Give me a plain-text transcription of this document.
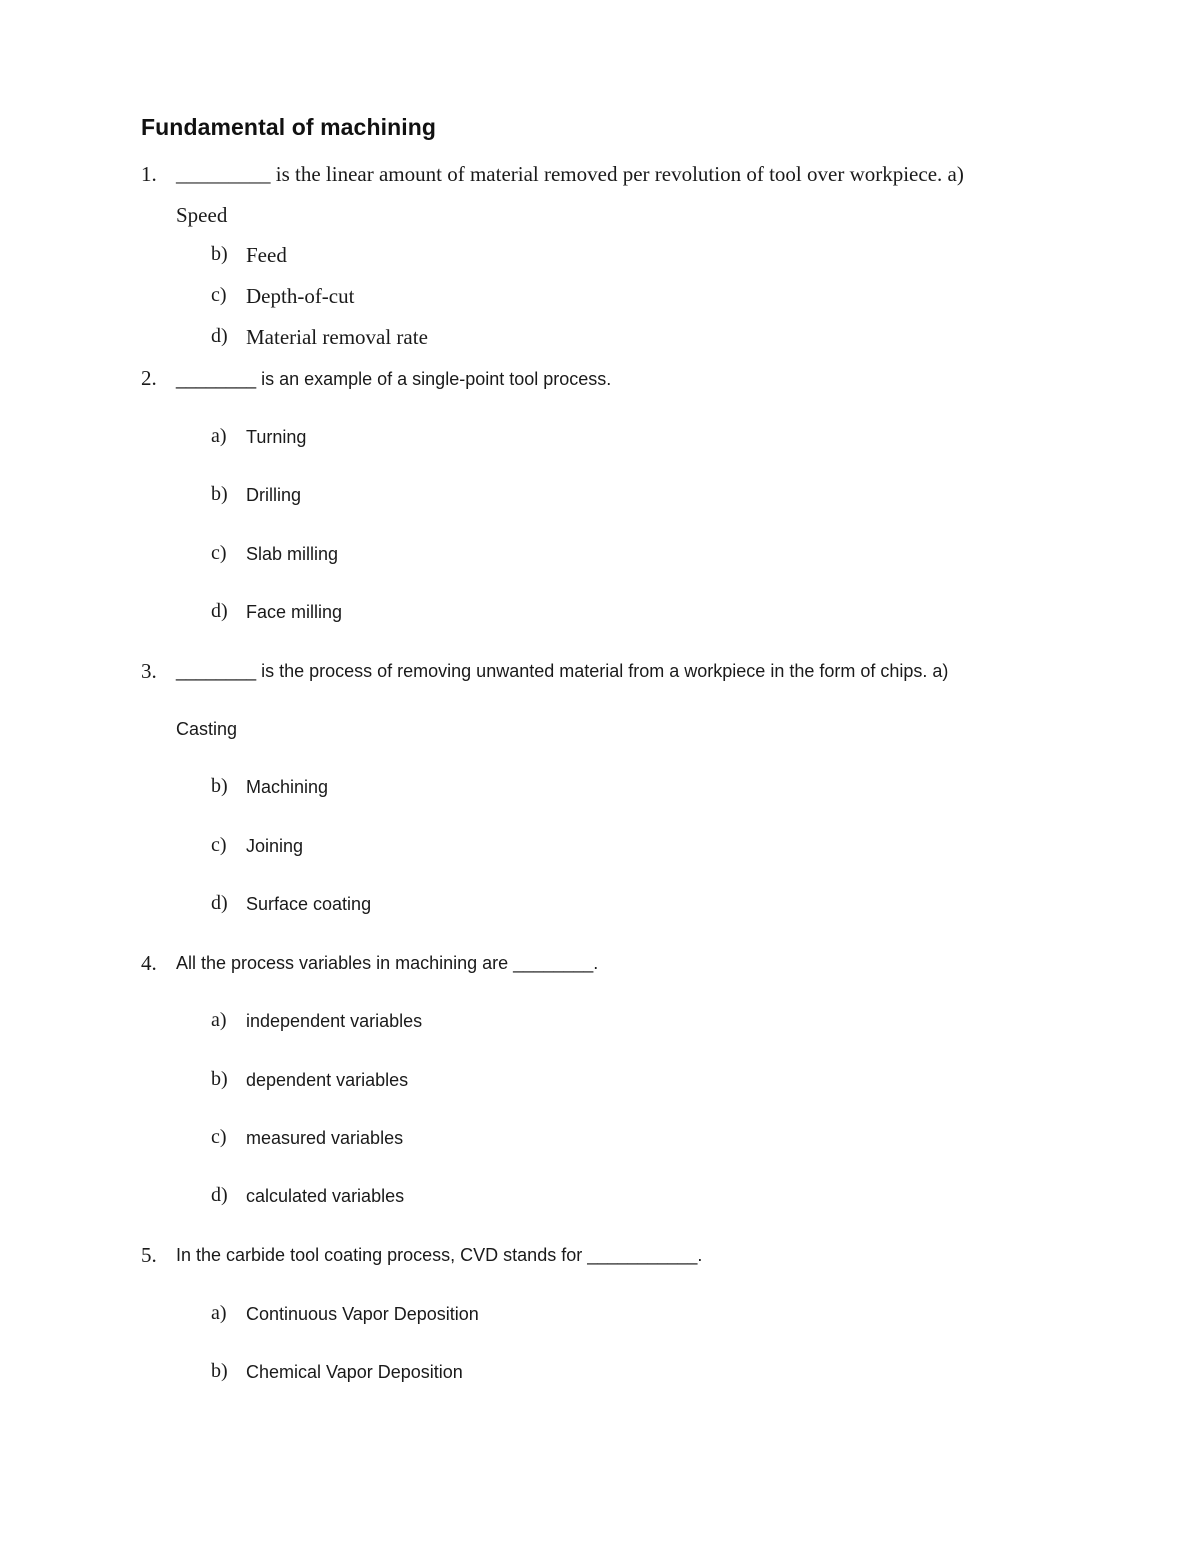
Fundamental of machining
1. _________ is the linear amount of material removed per revolution of tool over workpiece. a)
Speed
b) Feed
c) Depth-of-cut
d) Material removal rate
2. ________ is an example of a single-point tool process.
a) Turning
b) Drilling
c) Slab milling
d) Face milling
3. ________ is the process of removing unwanted material from a workpiece in the form of chips. a)
Casting
b) Machining
c) Joining
d) Surface coating
4. All the process variables in machining are ________.
a) independent variables
b) dependent variables
c) measured variables
d) calculated variables
5. In the carbide tool coating process, CVD stands for ___________.
a) Continuous Vapor Deposition
b) Chemical Vapor Deposition
